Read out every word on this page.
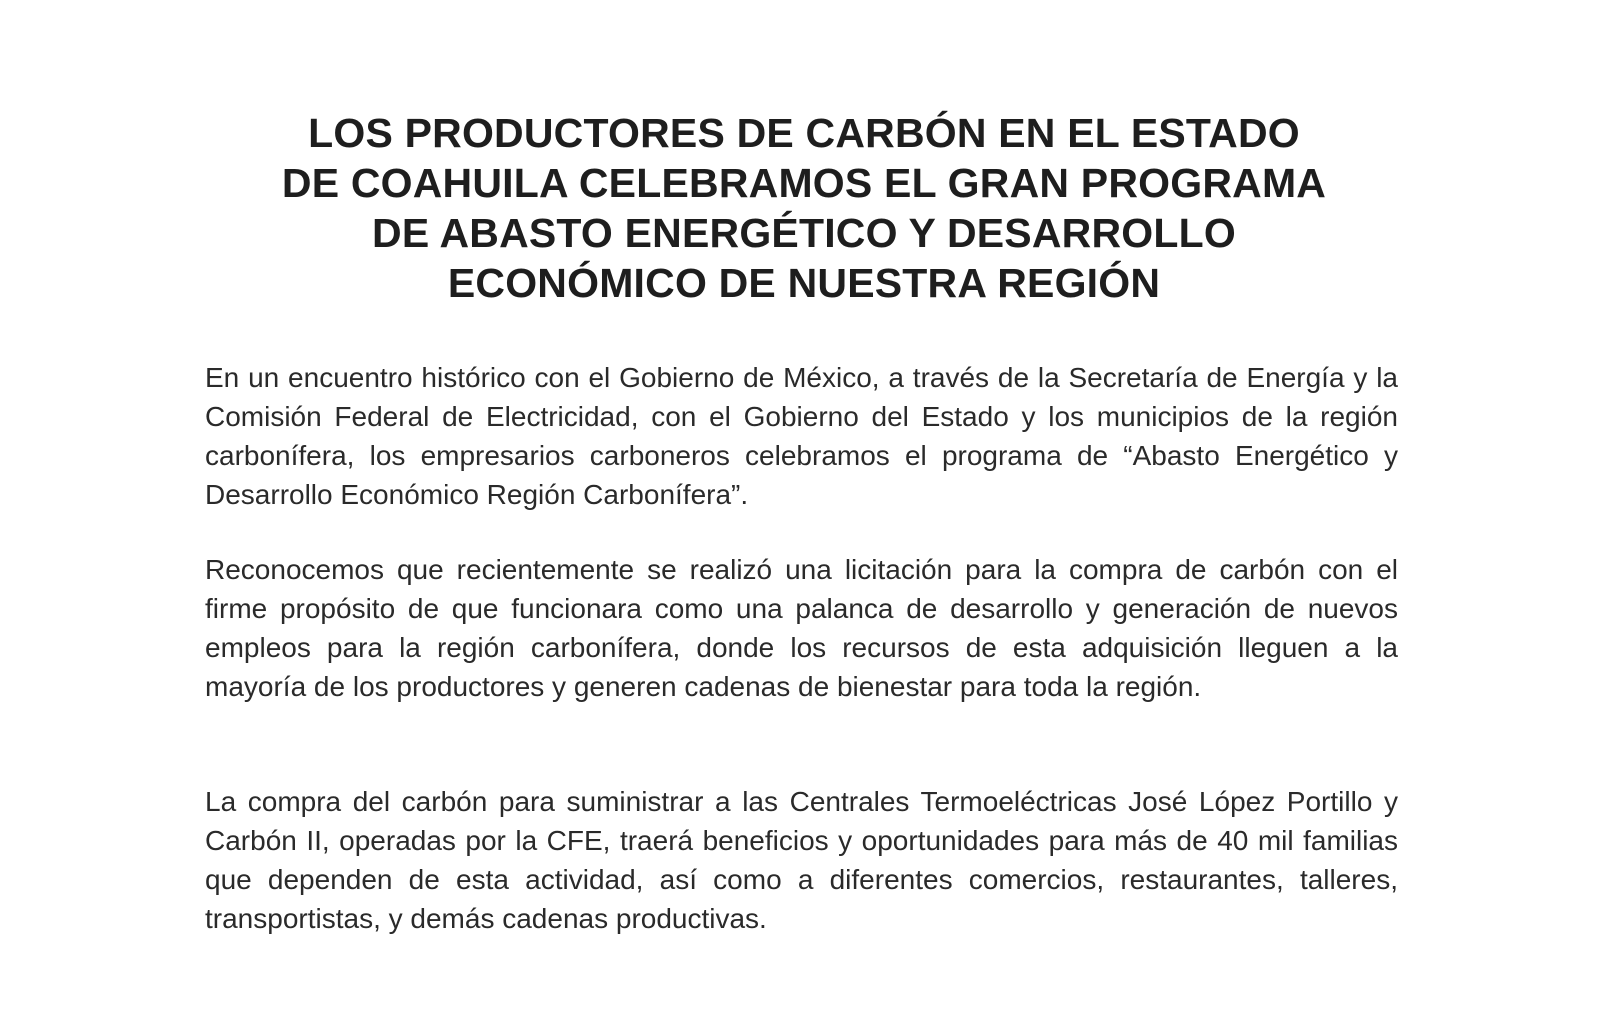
LOS PRODUCTORES DE CARBÓN EN EL ESTADO
DE COAHUILA CELEBRAMOS EL GRAN PROGRAMA
DE ABASTO ENERGÉTICO Y DESARROLLO
ECONÓMICO DE NUESTRA REGIÓN

En un encuentro histórico con el Gobierno de México, a través de la Secretaría de Energía y la Comisión Federal de Electricidad, con el Gobierno del Estado y los municipios de la región carbonífera, los empresarios carboneros celebramos el programa de “Abasto Energético y Desarrollo Económico Región Carbonífera”.

Reconocemos que recientemente se realizó una licitación para la compra de carbón con el firme propósito de que funcionara como una palanca de desarrollo y generación de nuevos empleos para la región carbonífera, donde los recursos de esta adquisición lleguen a la mayoría de los productores y generen cadenas de bienestar para toda la región.

La compra del carbón para suministrar a las Centrales Termoeléctricas José López Portillo y Carbón II, operadas por la CFE, traerá beneficios y oportunidades para más de 40 mil familias que dependen de esta actividad, así como a diferentes comercios, restaurantes, talleres, transportistas, y demás cadenas productivas.
